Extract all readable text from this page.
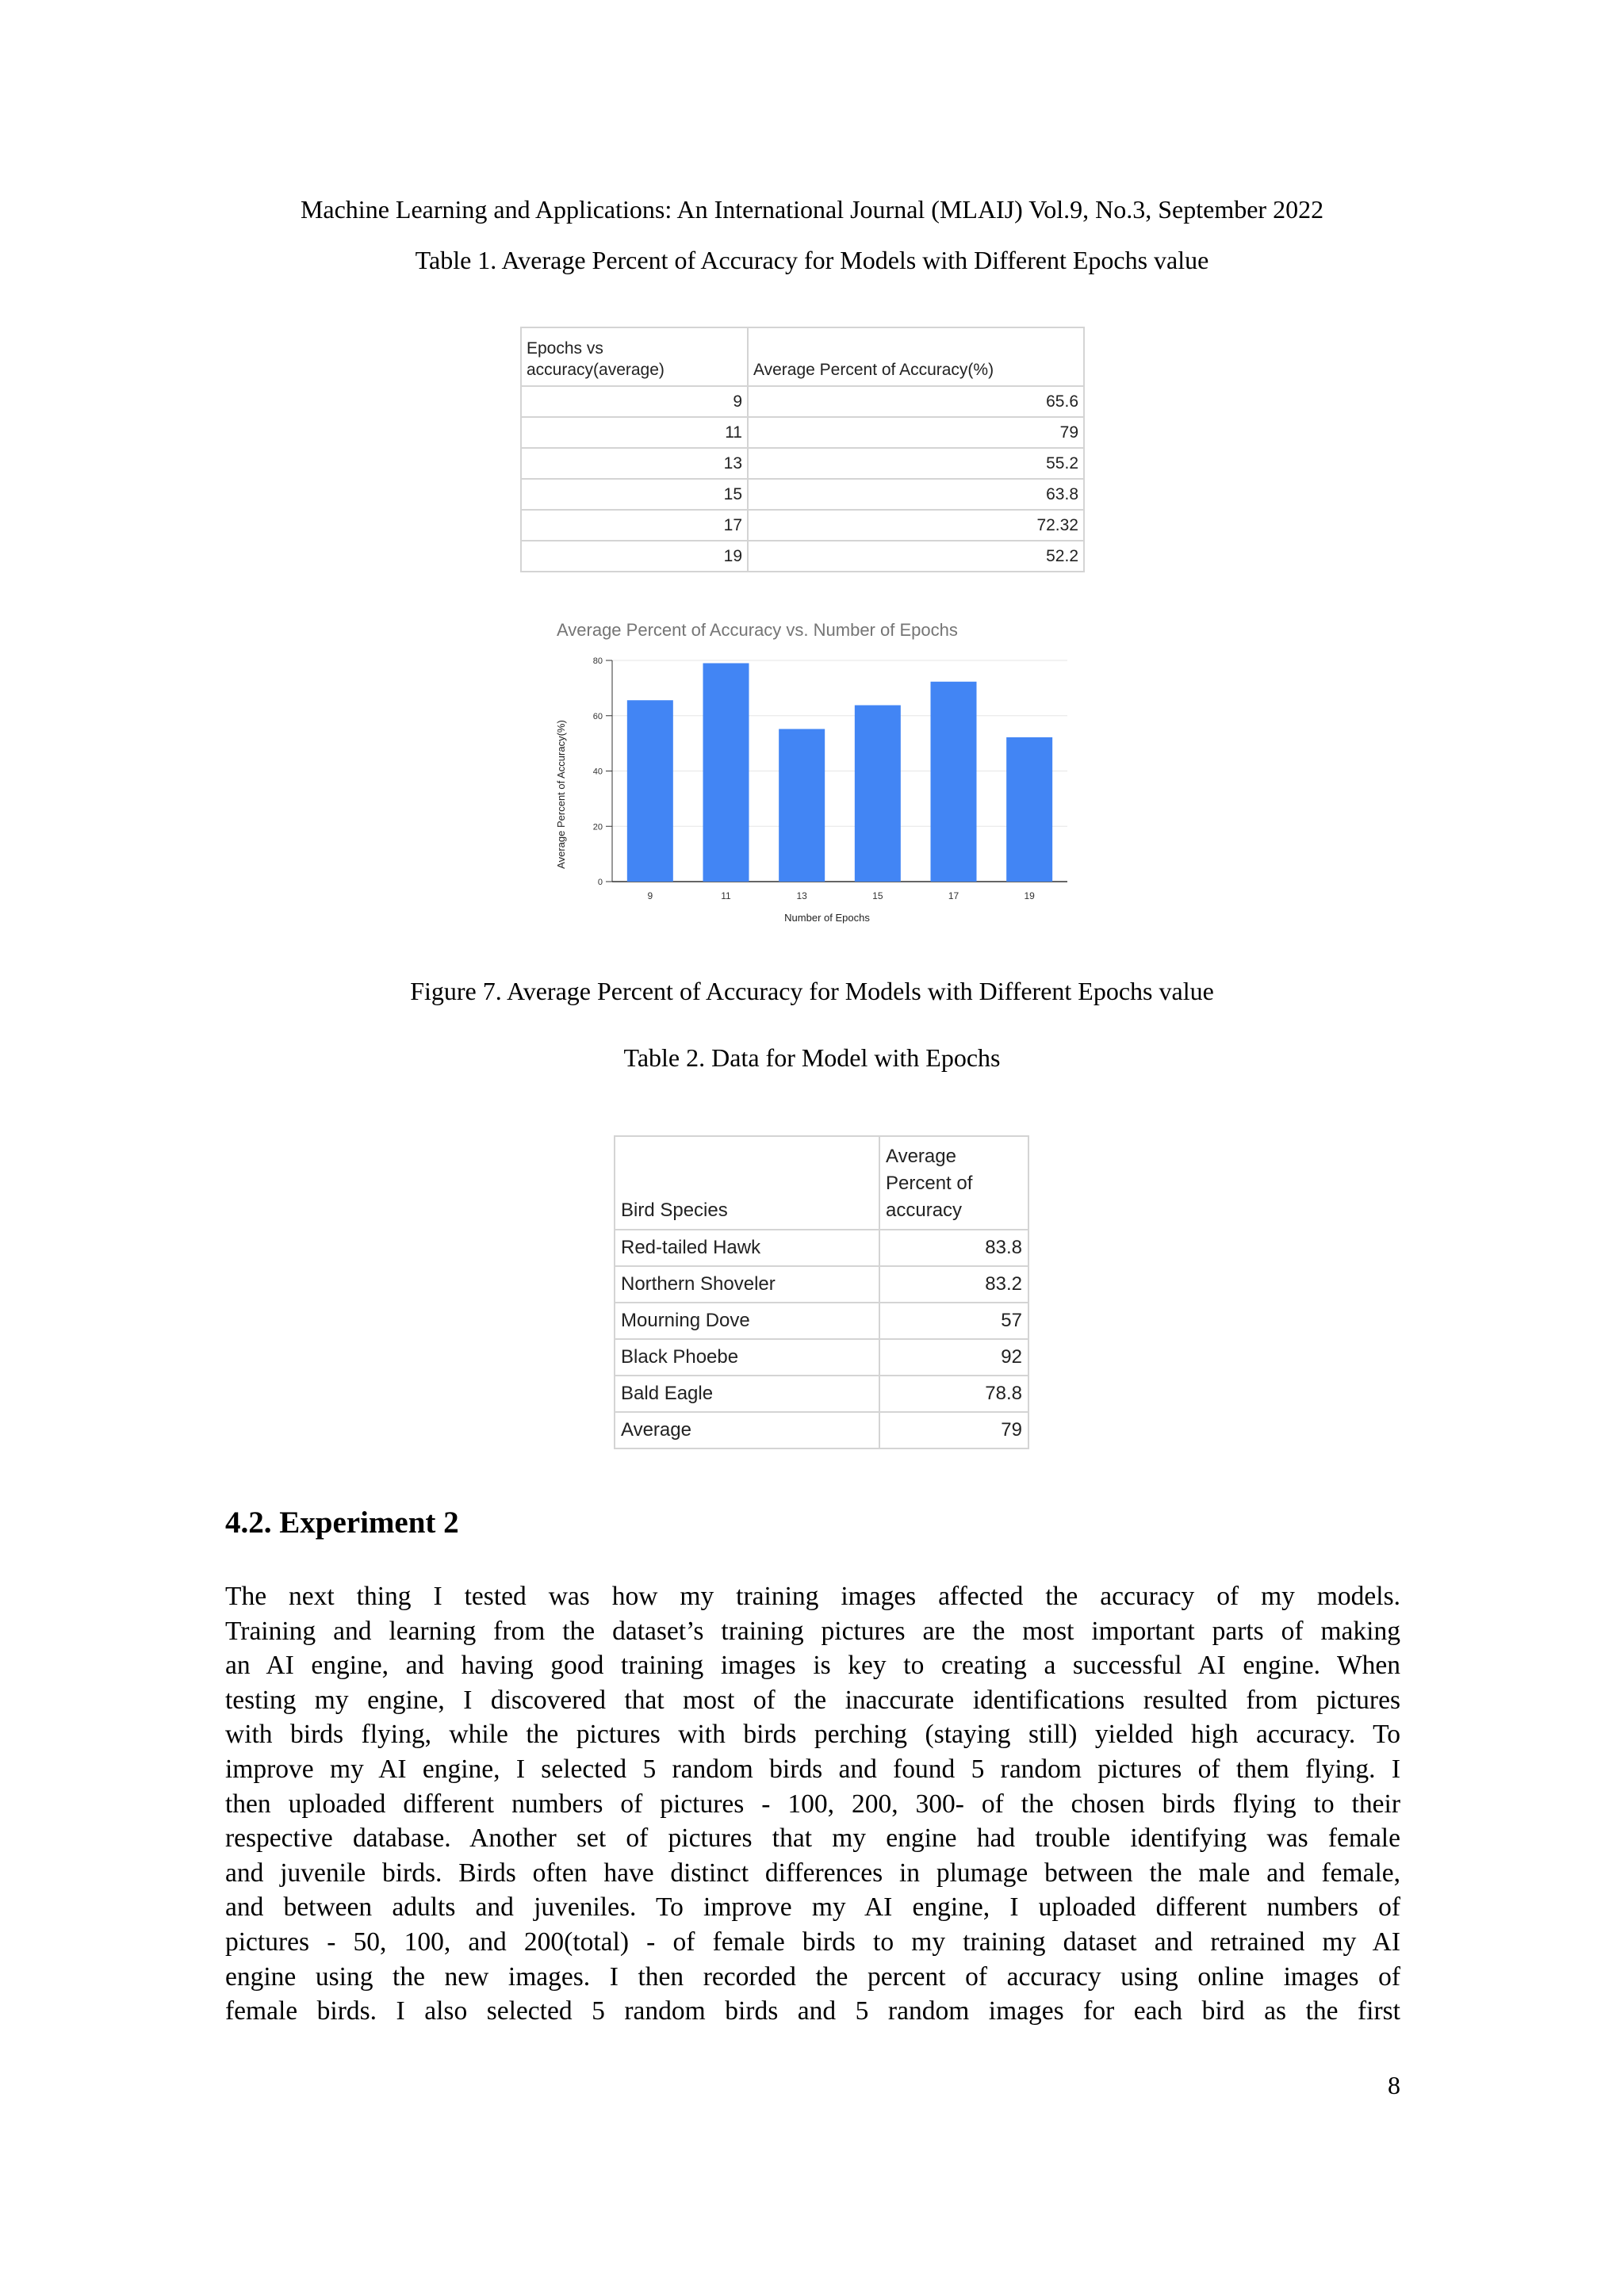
Machine Learning and Applications: An International Journal (MLAIJ) Vol.9, No.3, September 2022
Table 1. Average Percent of Accuracy for Models with Different Epochs value
Epochs vs accuracy(average)	Average Percent of Accuracy(%)
9	65.6
11	79
13	55.2
15	63.8
17	72.32
19	52.2
Average Percent of Accuracy vs. Number of Epochs
Average Percent of Accuracy(%)
Number of Epochs
0
20
40
60
80
9	11	13	15	17	19
Figure 7. Average Percent of Accuracy for Models with Different Epochs value
Table 2. Data for Model with Epochs
Bird Species	Average Percent of accuracy
Red-tailed Hawk	83.8
Northern Shoveler	83.2
Mourning Dove	57
Black Phoebe	92
Bald Eagle	78.8
Average	79
4.2. Experiment 2
The next thing I tested was how my training images affected the accuracy of my models.
Training and learning from the dataset’s training pictures are the most important parts of making
an AI engine, and having good training images is key to creating a successful AI engine. When
testing my engine, I discovered that most of the inaccurate identifications resulted from pictures
with birds flying, while the pictures with birds perching (staying still) yielded high accuracy. To
improve my AI engine, I selected 5 random birds and found 5 random pictures of them flying. I
then uploaded different numbers of pictures - 100, 200, 300- of the chosen birds flying to their
respective database. Another set of pictures that my engine had trouble identifying was female
and juvenile birds. Birds often have distinct differences in plumage between the male and female,
and between adults and juveniles. To improve my AI engine, I uploaded different numbers of
pictures - 50, 100, and 200(total) - of female birds to my training dataset and retrained my AI
engine using the new images. I then recorded the percent of accuracy using online images of
female birds. I also selected 5 random birds and 5 random images for each bird as the first
8
